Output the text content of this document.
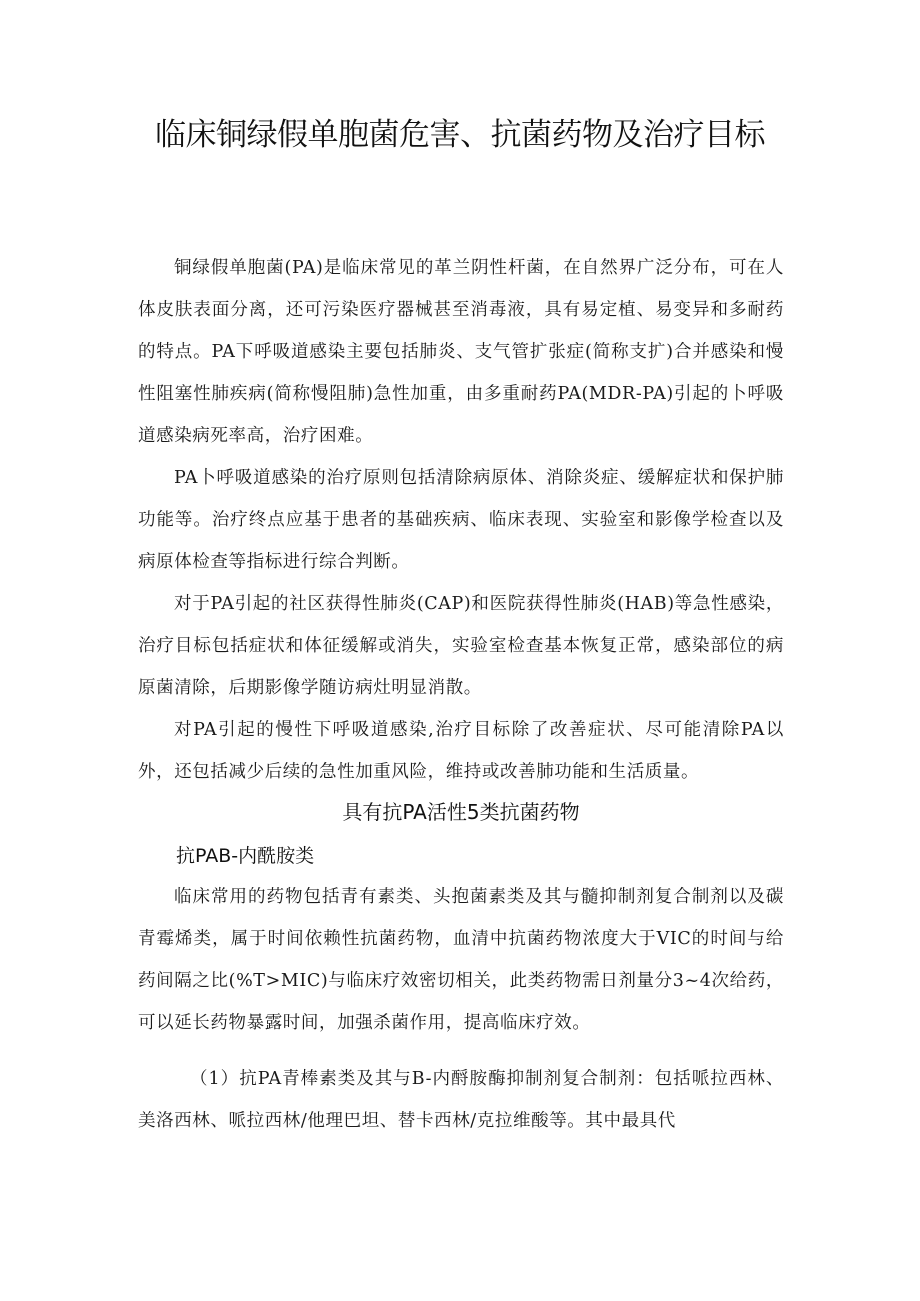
临床铜绿假单胞菌危害、抗菌药物及治疗目标

铜绿假单胞菌(PA)是临床常见的革兰阴性杆菌，在自然界广泛分布，可在人体皮肤表面分离，还可污染医疗器械甚至消毒液，具有易定植、易变异和多耐药的特点。PA下呼吸道感染主要包括肺炎、支气管扩张症(简称支扩)合并感染和慢性阻塞性肺疾病(简称慢阻肺)急性加重，由多重耐药PA(MDR-PA)引起的卜呼吸道感染病死率高，治疗困难。

PA卜呼吸道感染的治疗原则包括清除病原体、消除炎症、缓解症状和保护肺功能等。治疗终点应基于患者的基础疾病、临床表现、实验室和影像学检查以及病原体检查等指标进行综合判断。

对于PA引起的社区获得性肺炎(CAP)和医院获得性肺炎(HAB)等急性感染，治疗目标包括症状和体征缓解或消失，实验室检查基本恢复正常，感染部位的病原菌清除，后期影像学随访病灶明显消散。

对PA引起的慢性下呼吸道感染,治疗目标除了改善症状、尽可能清除PA以外，还包括减少后续的急性加重风险，维持或改善肺功能和生活质量。

具有抗PA活性5类抗菌药物
抗PAB-内酰胺类

临床常用的药物包括青有素类、头抱菌素类及其与髓抑制剂复合制剂以及碳青霉烯类，属于时间依赖性抗菌药物，血清中抗菌药物浓度大于VIC的时间与给药间隔之比(%T>MIC)与临床疗效密切相关，此类药物需日剂量分3~4次给药，可以延长药物暴露时间，加强杀菌作用，提高临床疗效。

（1）抗PA青棒素类及其与B-内酹胺酶抑制剂复合制剂：包括哌拉西林、美洛西林、哌拉西林/他理巴坦、替卡西林/克拉维酸等。其中最具代
